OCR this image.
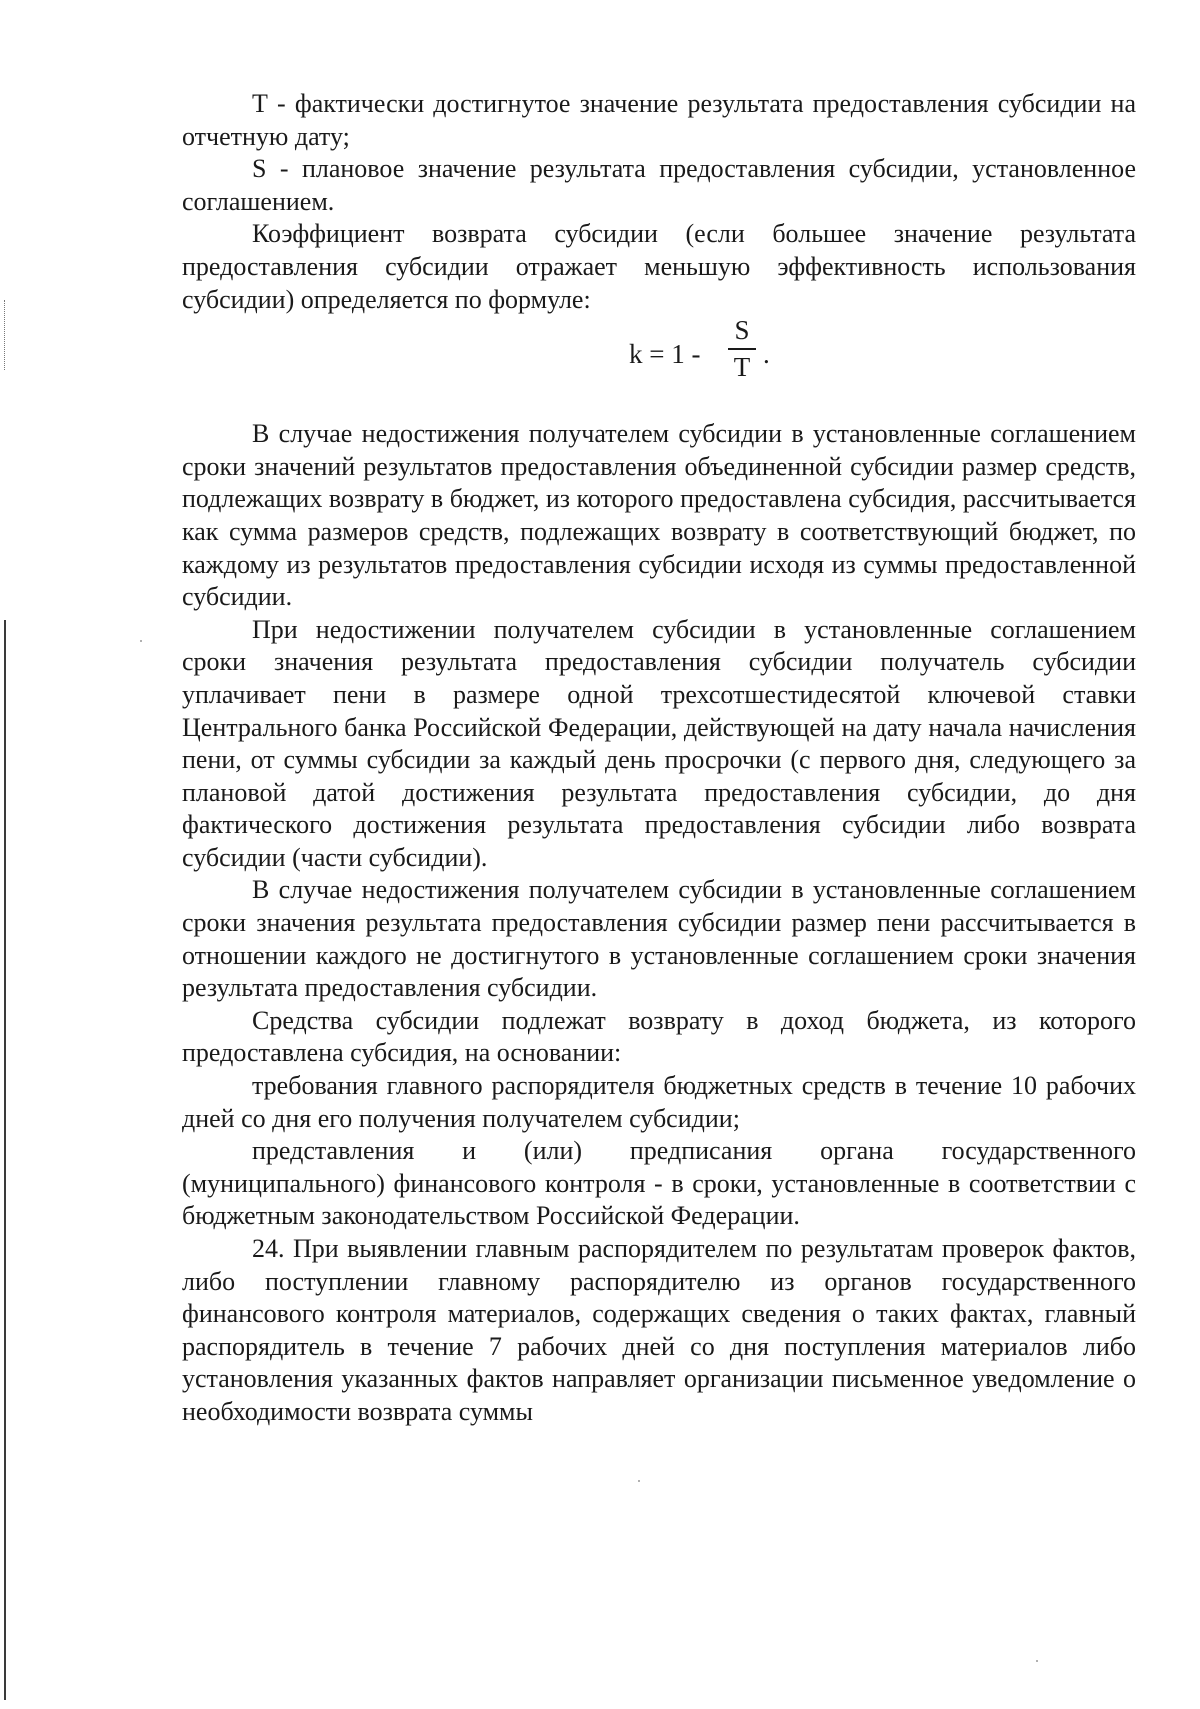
Т - фактически достигнутое значение результата предоставления субсидии на отчетную дату;

S - плановое значение результата предоставления субсидии, установленное соглашением.

Коэффициент возврата субсидии (если большее значение результата предоставления субсидии отражает меньшую эффективность использования субсидии) определяется по формуле:

k = 1 -
S
T .

В случае недостижения получателем субсидии в установленные соглашением сроки значений результатов предоставления объединенной субсидии размер средств, подлежащих возврату в бюджет, из которого предоставлена субсидия, рассчитывается как сумма размеров средств, подлежащих возврату в соответствующий бюджет, по каждому из результатов предоставления субсидии исходя из суммы предоставленной субсидии.

При недостижении получателем субсидии в установленные соглашением сроки значения результата предоставления субсидии получатель субсидии уплачивает пени в размере одной трехсотшестидесятой ключевой ставки Центрального банка Российской Федерации, действующей на дату начала начисления пени, от суммы субсидии за каждый день просрочки (с первого дня, следующего за плановой датой достижения результата предоставления субсидии, до дня фактического достижения результата предоставления субсидии либо возврата субсидии (части субсидии).

В случае недостижения получателем субсидии в установленные соглашением сроки значения результата предоставления субсидии размер пени рассчитывается в отношении каждого не достигнутого в установленные соглашением сроки значения результата предоставления субсидии.

Средства субсидии подлежат возврату в доход бюджета, из которого предоставлена субсидия, на основании:

требования главного распорядителя бюджетных средств в течение 10 рабочих дней со дня его получения получателем субсидии;

представления и (или) предписания органа государственного (муниципального) финансового контроля - в сроки, установленные в соответствии с бюджетным законодательством Российской Федерации.

24. При выявлении главным распорядителем по результатам проверок фактов, либо поступлении главному распорядителю из органов государственного финансового контроля материалов, содержащих сведения о таких фактах, главный распорядитель в течение 7 рабочих дней со дня поступления материалов либо установления указанных фактов направляет организации письменное уведомление о необходимости возврата суммы
